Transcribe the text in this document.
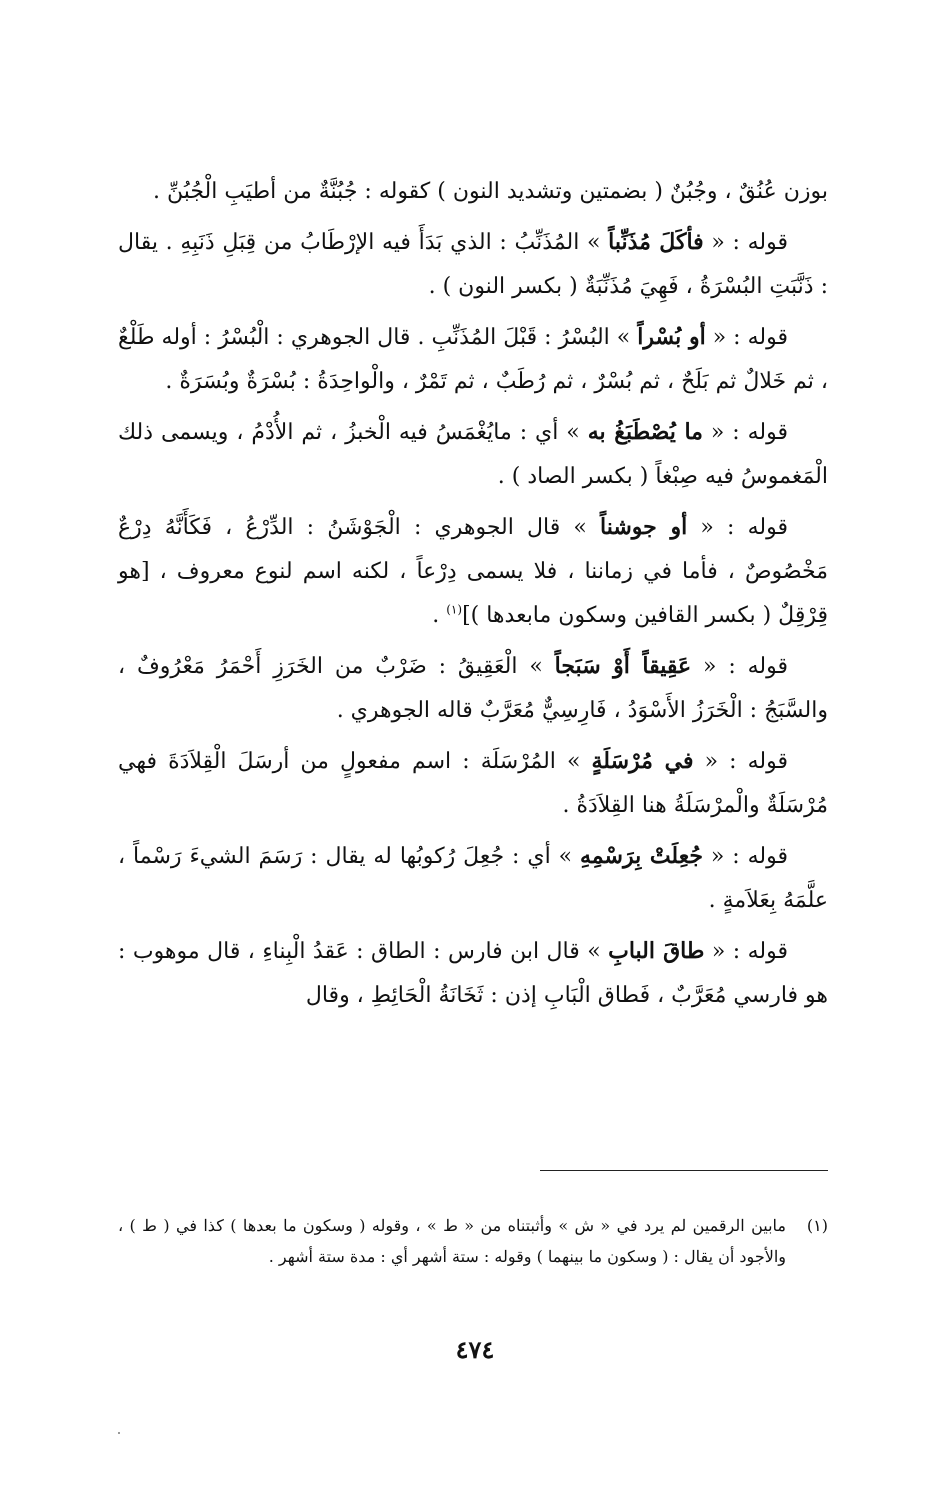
بوزن عُنُقٌ ، وجُبُنٌ ( بضمتين وتشديد النون ) كقوله : جُبُنَّةٌ من أطيَبِ الْجُبُنِّ .

قوله : « فأكَلَ مُذَنِّباً » المُذَنِّبُ : الذي بَدَأَ فيه الإرْطَابُ من قِبَلِ ذَنَبِهِ . يقال : ذَنَّبَتِ البُسْرَةُ ، فَهِيَ مُذَنِّبَةٌ ( بكسر النون ) .

قوله : « أو بُسْراً » البُسْرُ : قَبْلَ المُذَنِّبِ . قال الجوهري : الْبُسْرُ : أوله طَلْعٌ ، ثم خَلالٌ ثم بَلَحٌ ، ثم بُسْرٌ ، ثم رُطَبٌ ، ثم تَمْرٌ ، والْواحِدَةُ : بُسْرَةٌ وبُسَرَةٌ .

قوله : « ما يُصْطَبَغُ به » أي : مايُغْمَسُ فيه الْخبزُ ، ثم الأُدْمُ ، ويسمى ذلك الْمَغموسُ فيه صِبْغاً ( بكسر الصاد ) .

قوله : « أو جوشناً » قال الجوهري : الْجَوْشَنُ : الدِّرْعُ ، فَكَأَنَّهُ دِرْعٌ مَخْصُوصٌ ، فأما في زماننا ، فلا يسمى دِرْعاً ، لكنه اسم لنوع معروف ، [هو قِرْقِلٌ ( بكسر القافين وسكون مابعدها )]$^{(١)}$ .

قوله : « عَقِيقاً أَوْ سَبَجاً » الْعَقِيقُ : ضَرْبٌ من الخَرَزِ أَحْمَرُ مَعْرُوفٌ ، والسَّبَجُ : الْخَرَزُ الأَسْوَدُ ، فَارِسِيٌّ مُعَرَّبٌ قاله الجوهري .

قوله : « في مُرْسَلَةٍ » المُرْسَلَة : اسم مفعولٍ من أرسَلَ الْقِلاَدَةَ فهي مُرْسَلَةٌ والْمرْسَلَةُ هنا القِلاَدَةُ .

قوله : « جُعِلَتْ بِرَسْمِهِ » أي : جُعِلَ رُكوبُها له يقال : رَسَمَ الشيءَ رَسْماً ، علَّمَهُ بِعَلاَمةٍ .

قوله : « طاقَ البابِ » قال ابن فارس : الطاق : عَقدُ الْبِناءِ ، قال موهوب : هو فارسي مُعَرَّبٌ ، فَطاق الْبَابِ إذن : ثَخَانَةُ الْحَائِطِ ، وقال

(١)
مابين الرقمين لم يرد في « ش » وأثبتناه من « ط » ، وقوله ( وسكون ما بعدها ) كذا في ( ط ) ، والأجود أن يقال : ( وسكون ما بينهما ) وقوله : ستة أشهر أي : مدة ستة أشهر .
٤٧٤
